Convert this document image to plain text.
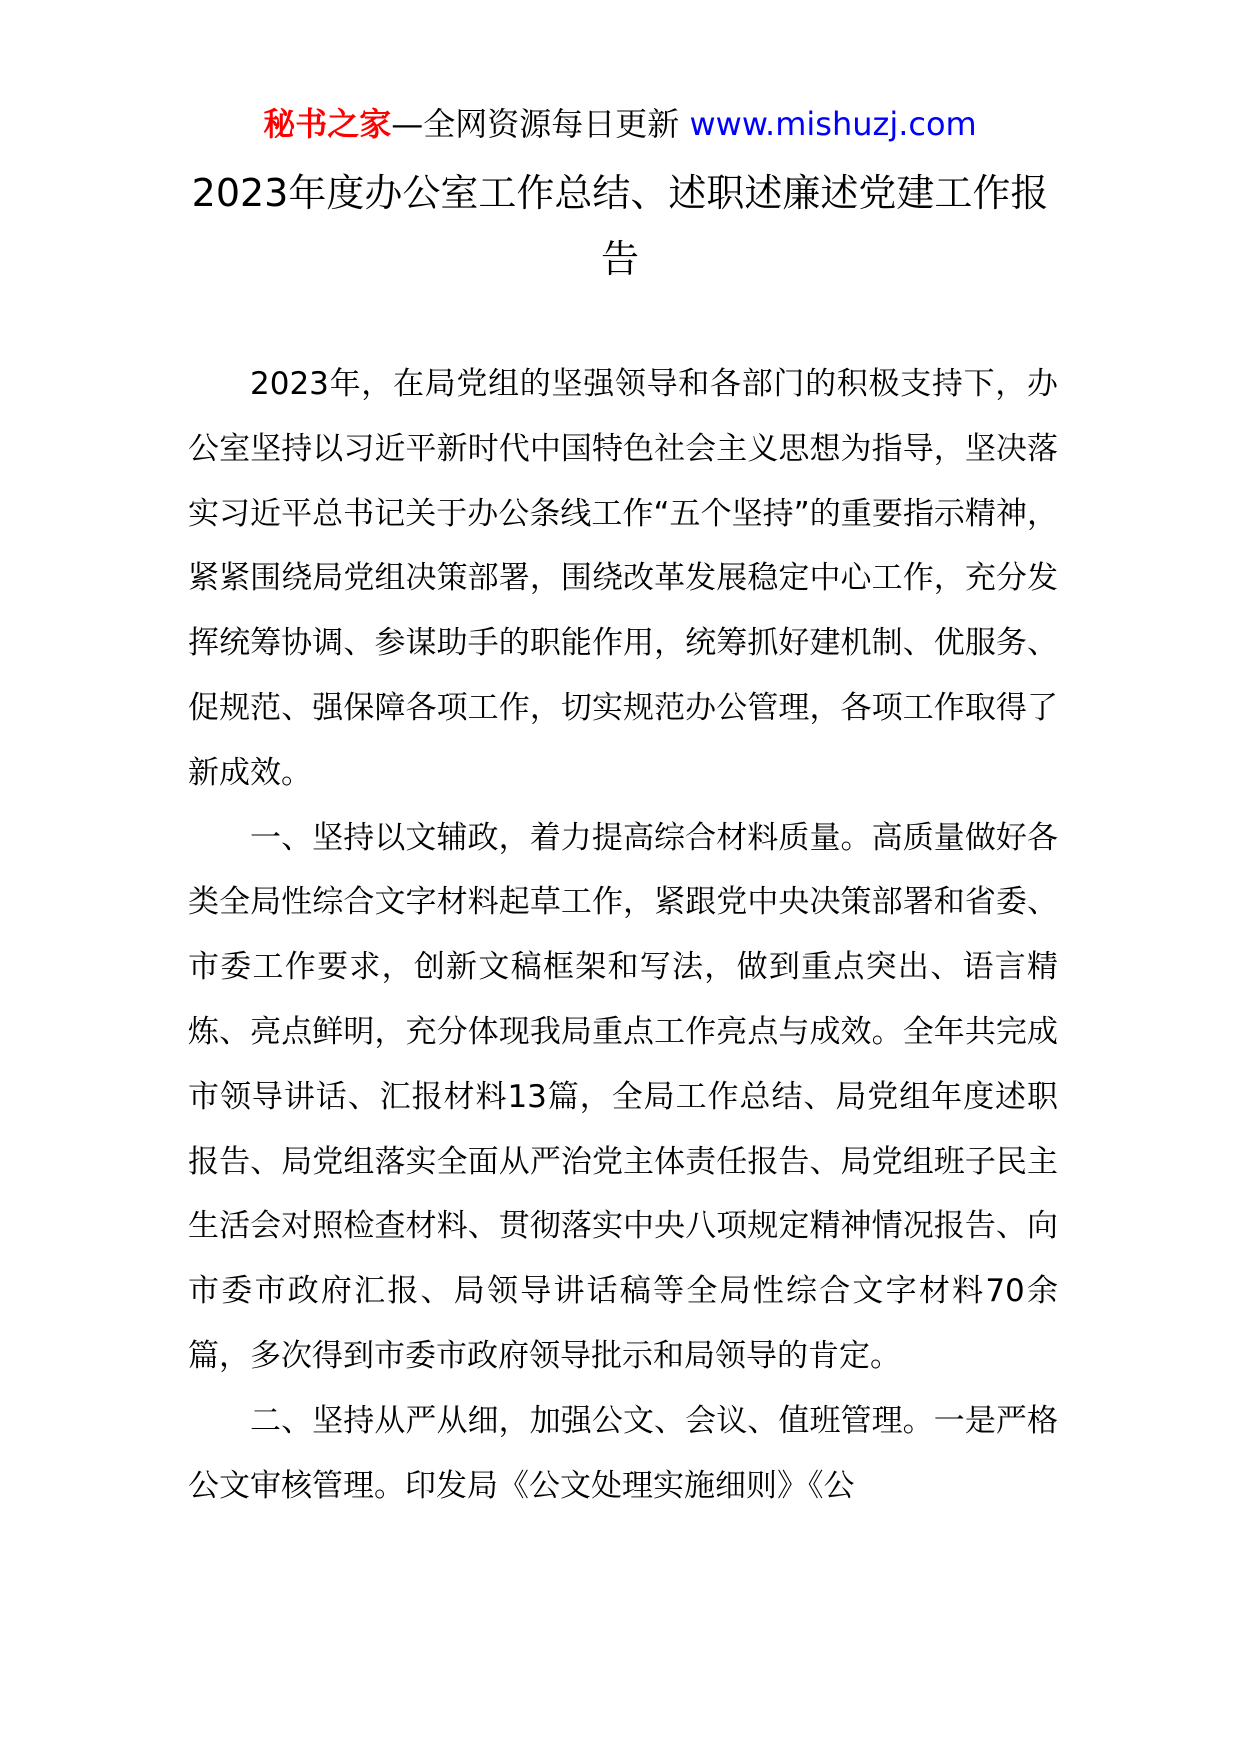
秘书之家—全网资源每日更新 www.mishuzj.com
2023年度办公室工作总结、述职述廉述党建工作报告

2023年，在局党组的坚强领导和各部门的积极支持下，办公室坚持以习近平新时代中国特色社会主义思想为指导，坚决落实习近平总书记关于办公条线工作“五个坚持”的重要指示精神，紧紧围绕局党组决策部署，围绕改革发展稳定中心工作，充分发挥统筹协调、参谋助手的职能作用，统筹抓好建机制、优服务、促规范、强保障各项工作，切实规范办公管理，各项工作取得了新成效。

一、坚持以文辅政，着力提高综合材料质量。高质量做好各类全局性综合文字材料起草工作，紧跟党中央决策部署和省委、市委工作要求，创新文稿框架和写法，做到重点突出、语言精炼、亮点鲜明，充分体现我局重点工作亮点与成效。全年共完成市领导讲话、汇报材料13篇，全局工作总结、局党组年度述职报告、局党组落实全面从严治党主体责任报告、局党组班子民主生活会对照检查材料、贯彻落实中央八项规定精神情况报告、向市委市政府汇报、局领导讲话稿等全局性综合文字材料70余篇，多次得到市委市政府领导批示和局领导的肯定。

二、坚持从严从细，加强公文、会议、值班管理。一是严格公文审核管理。印发局《公文处理实施细则》《公
